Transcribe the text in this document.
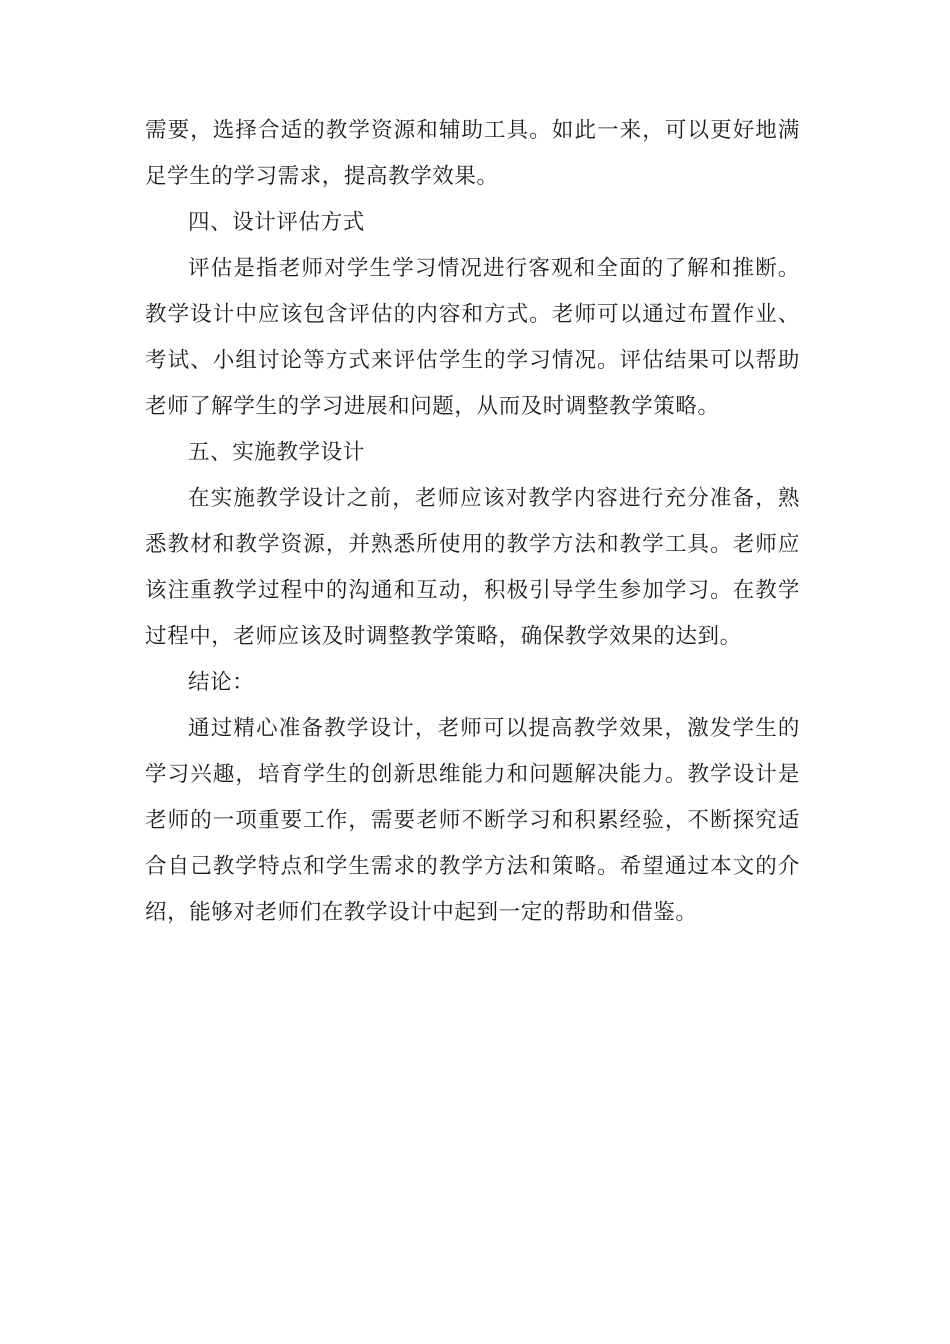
需要，选择合适的教学资源和辅助工具。如此一来，可以更好地满足学生的学习需求，提高教学效果。

四、设计评估方式

评估是指老师对学生学习情况进行客观和全面的了解和推断。教学设计中应该包含评估的内容和方式。老师可以通过布置作业、考试、小组讨论等方式来评估学生的学习情况。评估结果可以帮助老师了解学生的学习进展和问题，从而及时调整教学策略。

五、实施教学设计

在实施教学设计之前，老师应该对教学内容进行充分准备，熟悉教材和教学资源，并熟悉所使用的教学方法和教学工具。老师应该注重教学过程中的沟通和互动，积极引导学生参加学习。在教学过程中，老师应该及时调整教学策略，确保教学效果的达到。

结论：

通过精心准备教学设计，老师可以提高教学效果，激发学生的学习兴趣，培育学生的创新思维能力和问题解决能力。教学设计是老师的一项重要工作，需要老师不断学习和积累经验，不断探究适合自己教学特点和学生需求的教学方法和策略。希望通过本文的介绍，能够对老师们在教学设计中起到一定的帮助和借鉴。
